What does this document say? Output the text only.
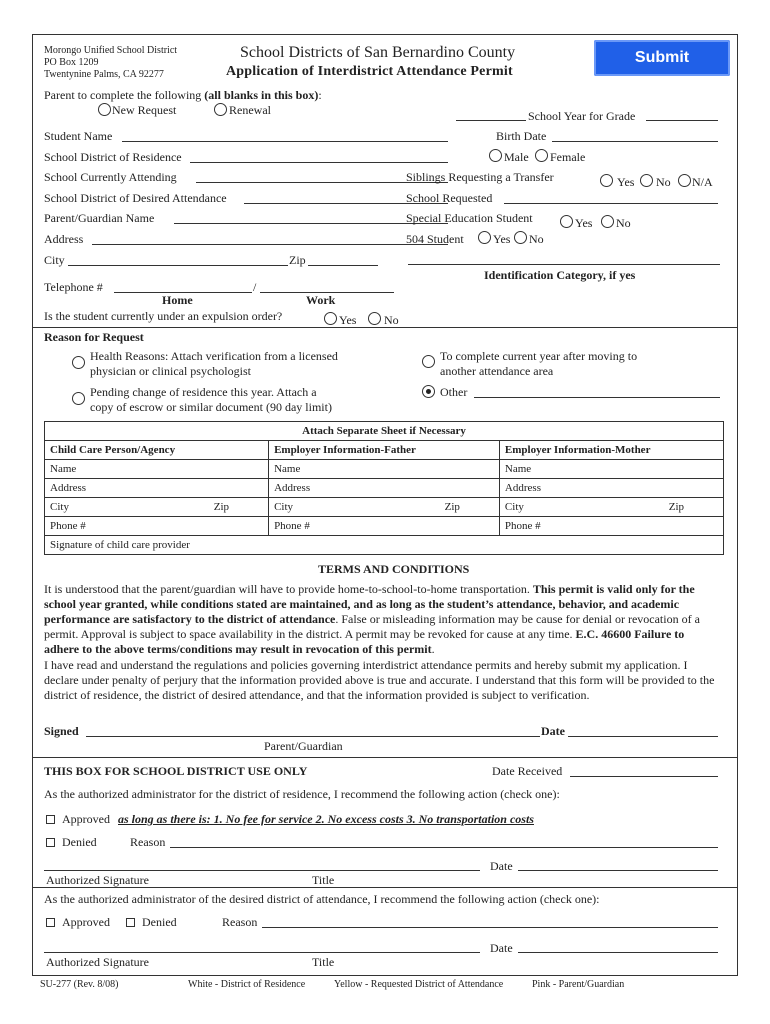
Morongo Unified School District
PO Box 1209
Twentynine Palms, CA 92277
School Districts of San Bernardino County
Application of Interdistrict Attendance Permit
Submit
Parent to complete the following (all blanks in this box):
New Request	Renewal	School Year for Grade
Student Name	Birth Date
School District of Residence	Male Female
School Currently Attending	Siblings Requesting a Transfer	Yes No N/A
School District of Desired Attendance	School Requested
Parent/Guardian Name	Special Education Student	Yes No
Address	504 Student Yes No
City	Zip
Identification Category, if yes
Telephone #	/
Home	Work
Is the student currently under an expulsion order?	Yes No
Reason for Request
Health Reasons: Attach verification from a licensed
physician or clinical psychologist
Pending change of residence this year. Attach a
copy of escrow or similar document (90 day limit)
To complete current year after moving to
another attendance area
Other
Attach Separate Sheet if Necessary		
Child Care Person/Agency	Employer Information-Father	Employer Information-Mother
Name	Name	Name
Address	Address	Address
City Zip	City Zip	City Zip

Phone #	Phone #	Phone #
Signature of child care provider		
TERMS AND CONDITIONS
It is understood that the parent/guardian will have to provide home-to-school-to-home transportation. This permit is valid only for the school year granted, while conditions stated are maintained, and as long as the student’s attendance, behavior, and academic performance are satisfactory to the district of attendance. False or misleading information may be cause for denial or revocation of a permit. Approval is subject to space availability in the district. A permit may be revoked for cause at any time. E.C. 46600 Failure to adhere to the above terms/conditions may result in revocation of this permit.
I have read and understand the regulations and policies governing interdistrict attendance permits and hereby submit my application. I declare under penalty of perjury that the information provided above is true and accurate. I understand that this form will be provided to the district of residence, the district of desired attendance, and that the information provided is subject to verification.
Signed	Date
Parent/Guardian
THIS BOX FOR SCHOOL DISTRICT USE ONLY	Date Received
As the authorized administrator for the district of residence, I recommend the following action (check one):
Approved as long as there is: 1. No fee for service 2. No excess costs 3. No transportation costs
Denied	Reason
Date
Authorized Signature	Title
As the authorized administrator of the desired district of attendance, I recommend the following action (check one):
Approved	Denied	Reason
Date
Authorized Signature	Title
SU-277 (Rev. 8/08)	White - District of Residence	Yellow - Requested District of Attendance	Pink - Parent/Guardian
